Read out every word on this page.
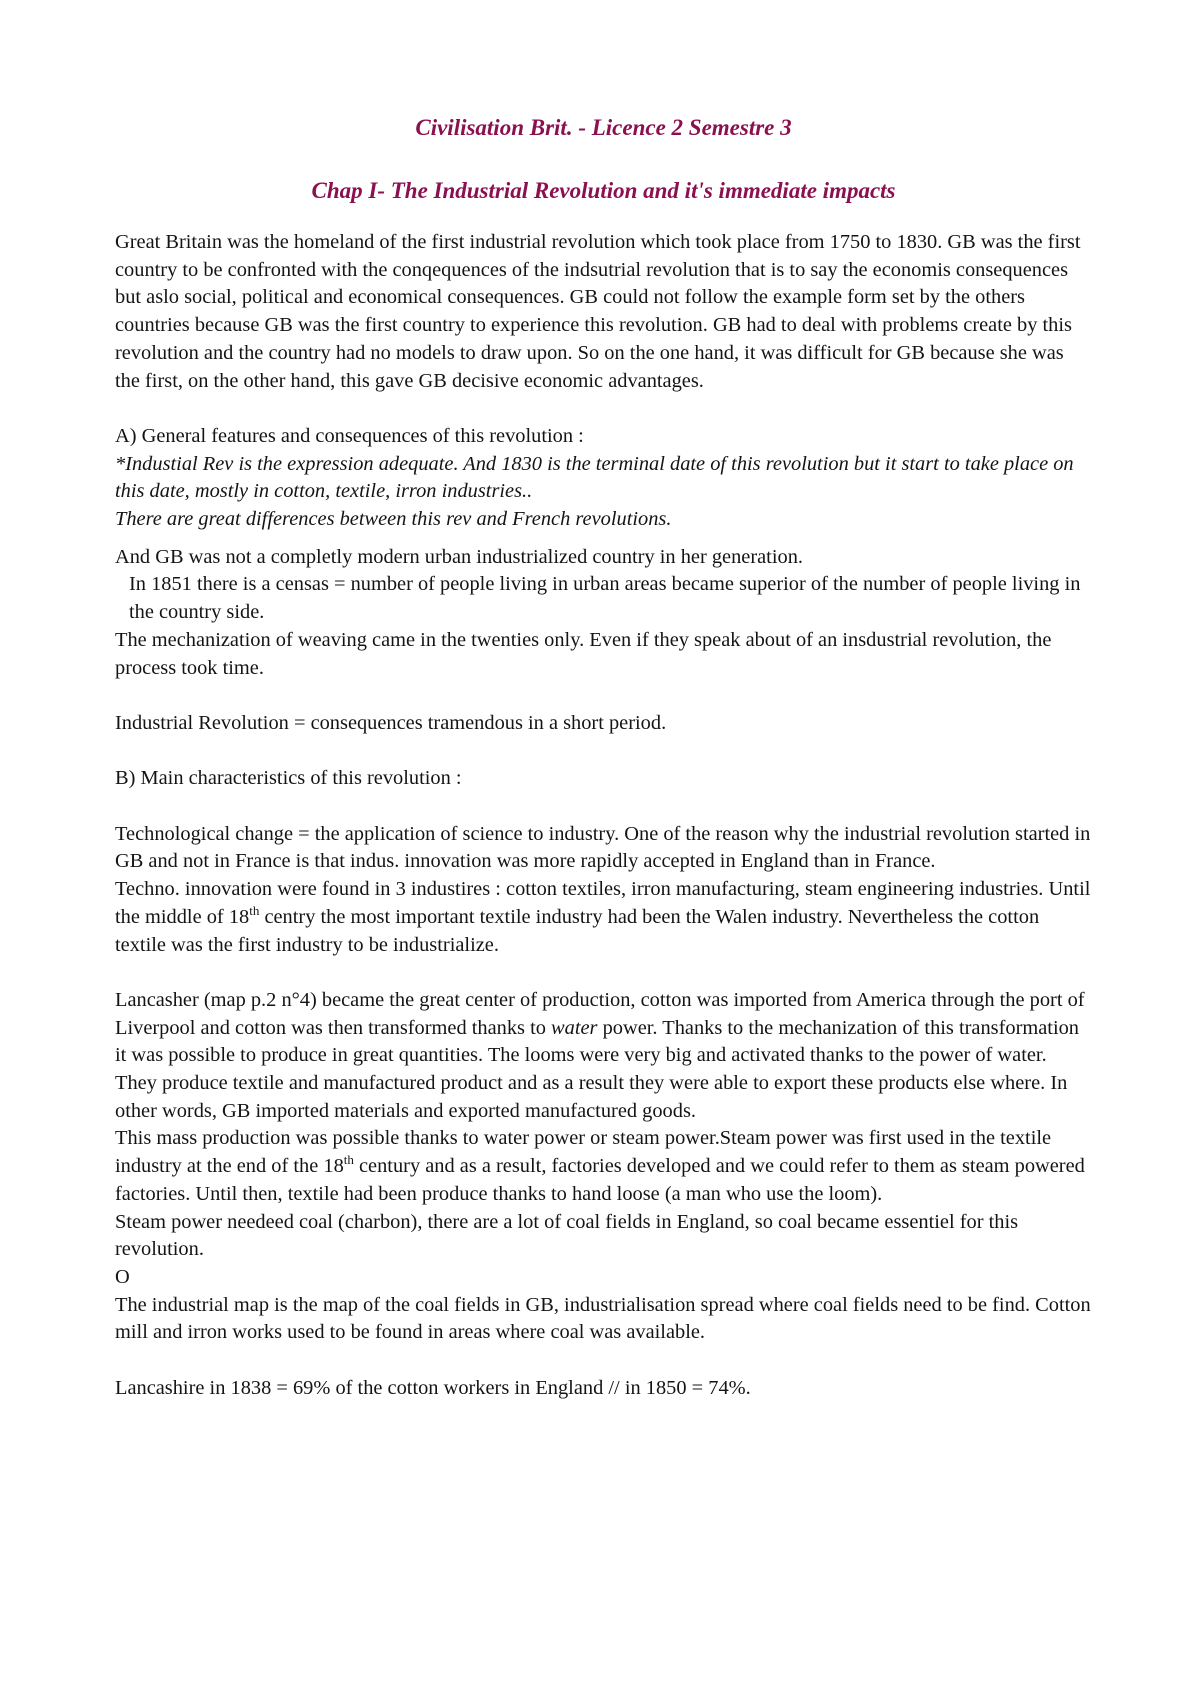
Civilisation Brit. - Licence 2 Semestre 3

Chap I- The Industrial Revolution and it's immediate impacts

Great Britain was the homeland of the first industrial revolution which took place from 1750 to 1830. GB was the first country to be confronted with the conqequences of the indsutrial revolution that is to say the economis consequences but aslo social, political and economical consequences. GB could not follow the example form set by the others countries because GB was the first country to experience this revolution. GB had to deal with problems create by this revolution and the country had no models to draw upon. So on the one hand, it was difficult for GB because she was the first, on the other hand, this gave GB decisive economic advantages.

A) General features and consequences of this revolution :

*Industial Rev is the expression adequate. And 1830 is the terminal date of this revolution but it start to take place on this date, mostly in cotton, textile, irron industries..

There are great differences between this rev and French revolutions.

And GB was not a completly modern urban industrialized country in her generation.

In 1851 there is a censas = number of people living in urban areas became superior of the number of people living in the country side.

The mechanization of weaving came in the twenties only. Even if they speak about of an insdustrial revolution, the process took time.

Industrial Revolution = consequences tramendous in a short period.

B) Main characteristics of this revolution :

Technological change = the application of science to industry. One of the reason why the industrial revolution started in GB and not in France is that indus. innovation was more rapidly accepted in England than in France.

Techno. innovation were found in 3 industires : cotton textiles, irron manufacturing, steam engineering industries. Until the middle of 18th centry the most important textile industry had been the Walen industry. Nevertheless the cotton textile was the first industry to be industrialize.

Lancasher (map p.2 n°4) became the great center of production, cotton was imported from America through the port of Liverpool and cotton was then transformed thanks to water power. Thanks to the mechanization of this transformation it was possible to produce in great quantities. The looms were very big and activated thanks to the power of water. They produce textile and manufactured product and as a result they were able to export these products else where. In other words, GB imported materials and exported manufactured goods.

This mass production was possible thanks to water power or steam power.Steam power was first used in the textile industry at the end of the 18th century and as a result, factories developed and we could refer to them as steam powered factories. Until then, textile had been produce thanks to hand loose (a man who use the loom).

Steam power needeed coal (charbon), there are a lot of coal fields in England, so coal became essentiel for this revolution.

O

The industrial map is the map of the coal fields in GB, industrialisation spread where coal fields need to be find. Cotton mill and irron works used to be found in areas where coal was available.

Lancashire in 1838 = 69% of the cotton workers in England // in 1850 = 74%.
